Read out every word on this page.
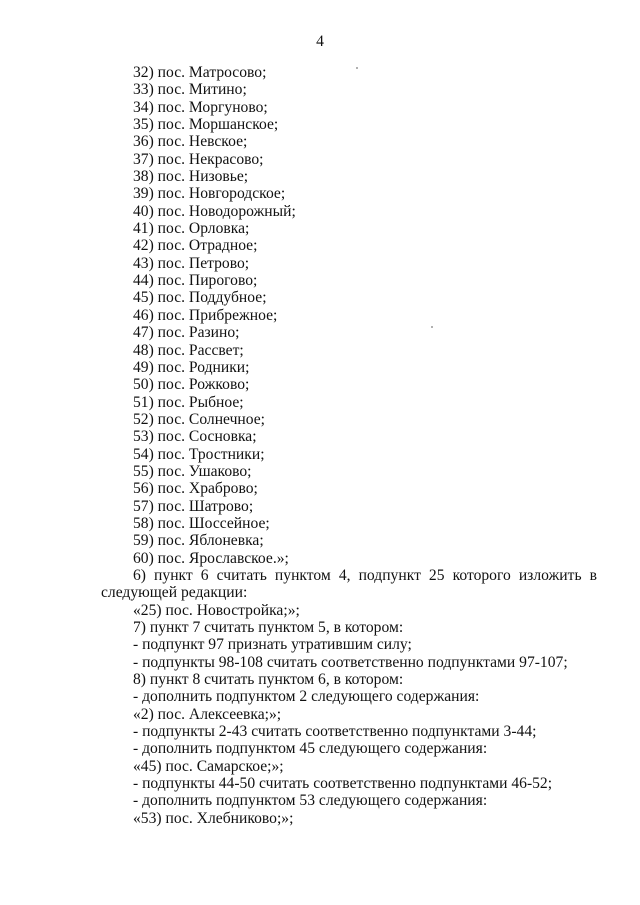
4
32) пос. Матросово;
33) пос. Митино;
34) пос. Моргуново;
35) пос. Моршанское;
36) пос. Невское;
37) пос. Некрасово;
38) пос. Низовье;
39) пос. Новгородское;
40) пос. Новодорожный;
41) пос. Орловка;
42) пос. Отрадное;
43) пос. Петрово;
44) пос. Пирогово;
45) пос. Поддубное;
46) пос. Прибрежное;
47) пос. Разино;
48) пос. Рассвет;
49) пос. Родники;
50) пос. Рожково;
51) пос. Рыбное;
52) пос. Солнечное;
53) пос. Сосновка;
54) пос. Тростники;
55) пос. Ушаково;
56) пос. Храброво;
57) пос. Шатрово;
58) пос. Шоссейное;
59) пос. Яблоневка;
60) пос. Ярославское.»;
6) пункт 6 считать пунктом 4, подпункт 25 которого изложить в
следующей редакции:
«25) пос. Новостройка;»;
7) пункт 7 считать пунктом 5, в котором:
- подпункт 97 признать утратившим силу;
- подпункты 98-108 считать соответственно подпунктами 97-107;
8) пункт 8 считать пунктом 6, в котором:
- дополнить подпунктом 2 следующего содержания:
«2) пос. Алексеевка;»;
- подпункты 2-43 считать соответственно подпунктами 3-44;
- дополнить подпунктом 45 следующего содержания:
«45) пос. Самарское;»;
- подпункты 44-50 считать соответственно подпунктами 46-52;
- дополнить подпунктом 53 следующего содержания:
«53) пос. Хлебниково;»;
